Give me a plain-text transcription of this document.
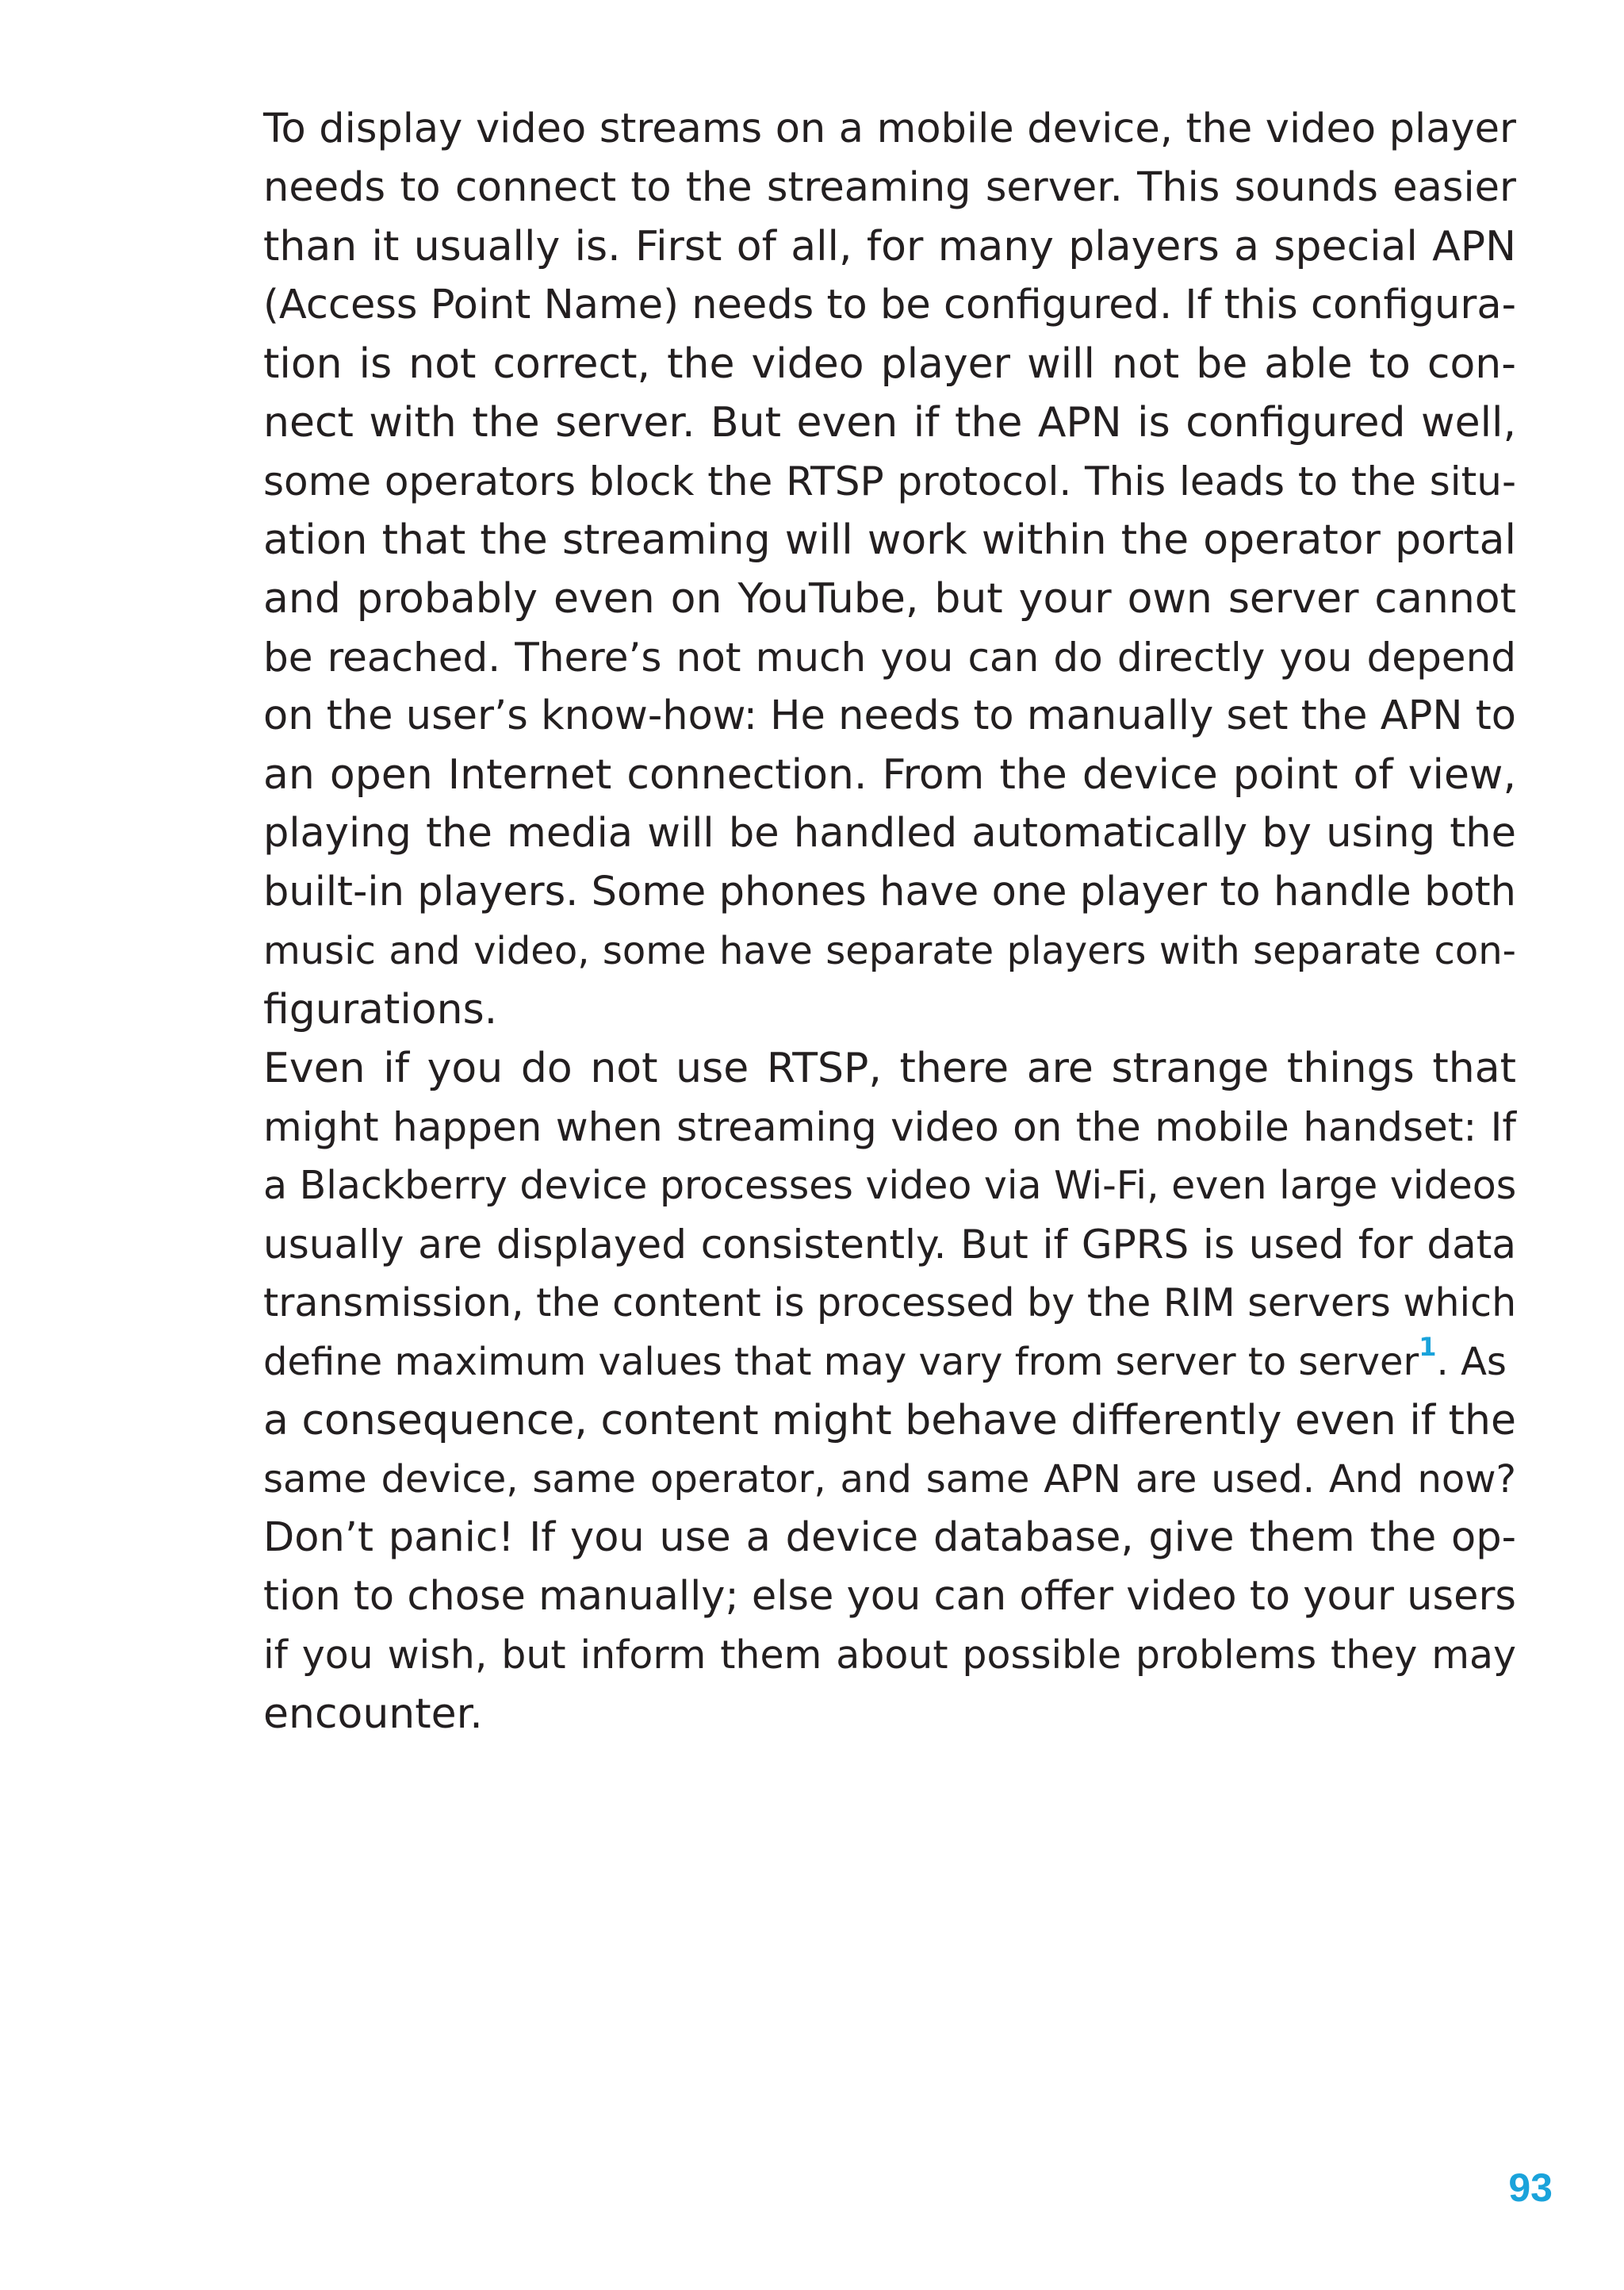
To display video streams on a mobile device, the video player
needs to connect to the streaming server. This sounds easier
than it usually is. First of all, for many players a special APN
(Access Point Name) needs to be configured. If this configura-
tion is not correct, the video player will not be able to con-
nect with the server. But even if the APN is configured well,
some operators block the RTSP protocol. This leads to the situ-
ation that the streaming will work within the operator portal
and probably even on YouTube, but your own server cannot
be reached. There’s not much you can do directly you depend
on the user’s know-how: He needs to manually set the APN to
an open Internet connection. From the device point of view,
playing the media will be handled automatically by using the
built-in players. Some phones have one player to handle both
music and video, some have separate players with separate con-
figurations.
Even if you do not use RTSP, there are strange things that
might happen when streaming video on the mobile handset: If
a Blackberry device processes video via Wi-Fi, even large videos
usually are displayed consistently. But if GPRS is used for data
transmission, the content is processed by the RIM servers which
define maximum values that may vary from server to server$^1$. As
a consequence, content might behave differently even if the
same device, same operator, and same APN are used. And now?
Don’t panic! If you use a device database, give them the op-
tion to chose manually; else you can offer video to your users
if you wish, but inform them about possible problems they may
encounter.
93
